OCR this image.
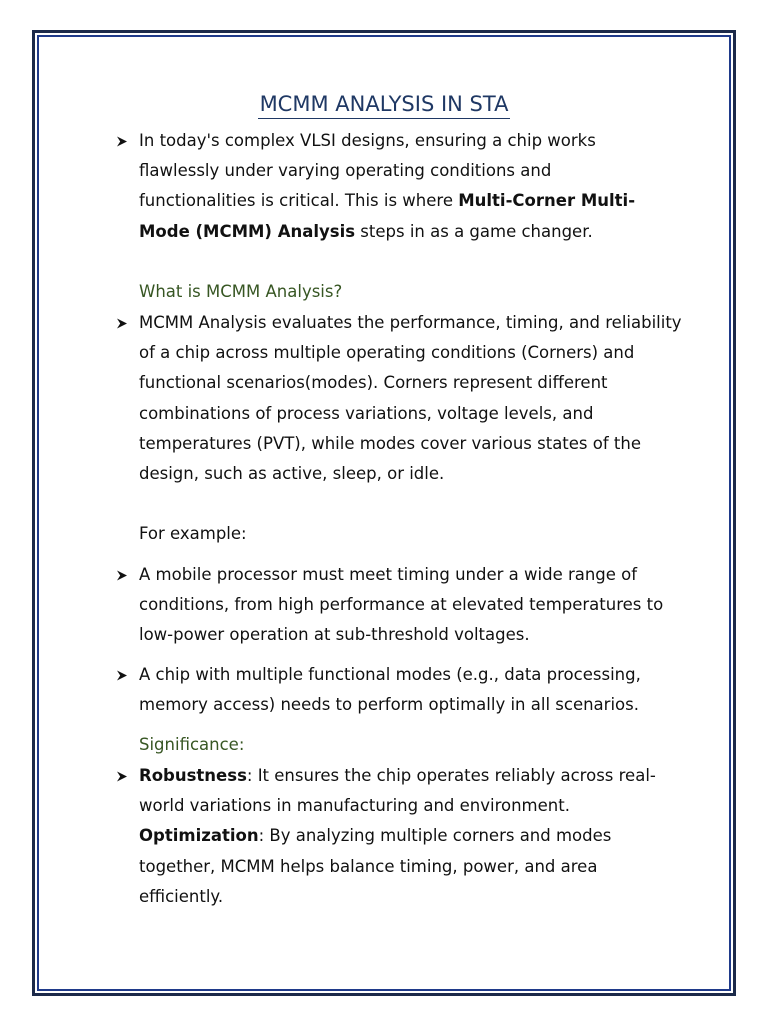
MCMM ANALYSIS IN STA
In today's complex VLSI designs, ensuring a chip works flawlessly under varying operating conditions and functionalities is critical. This is where Multi-Corner Multi-Mode (MCMM) Analysis steps in as a game changer.
What is MCMM Analysis?
MCMM Analysis evaluates the performance, timing, and reliability of a chip across multiple operating conditions (Corners) and functional scenarios(modes). Corners represent different combinations of process variations, voltage levels, and temperatures (PVT), while modes cover various states of the design, such as active, sleep, or idle.
For example:
A mobile processor must meet timing under a wide range of conditions, from high performance at elevated temperatures to low-power operation at sub-threshold voltages.
A chip with multiple functional modes (e.g., data processing, memory access) needs to perform optimally in all scenarios.
Significance:
Robustness: It ensures the chip operates reliably across real-world variations in manufacturing and environment.
Optimization: By analyzing multiple corners and modes together, MCMM helps balance timing, power, and area efficiently.
